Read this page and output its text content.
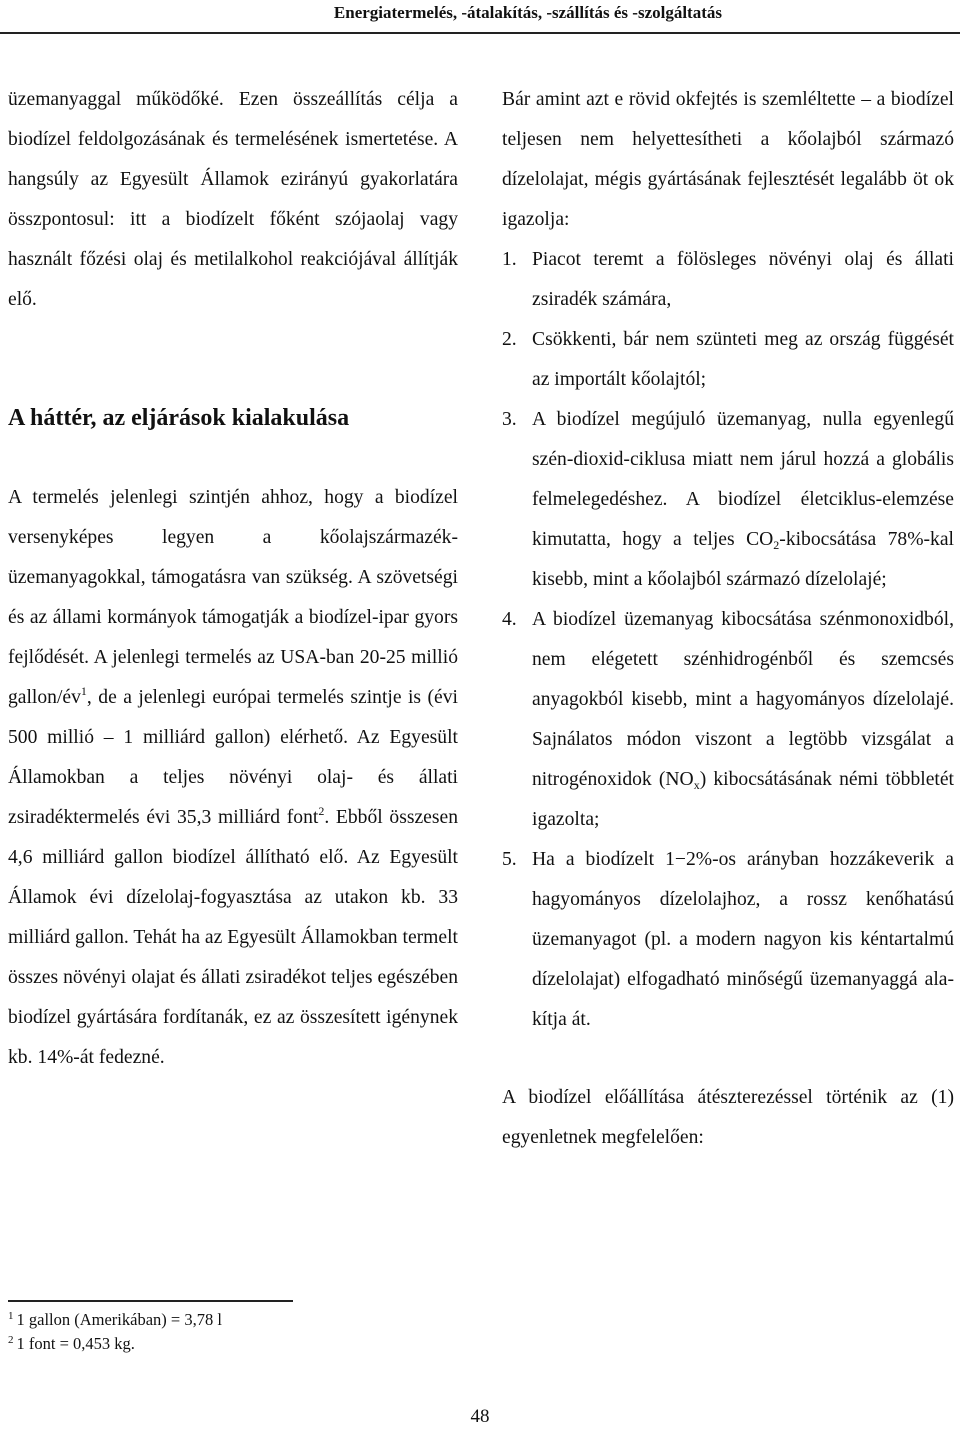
Energiatermelés, -átalakítás, -szállítás és -szolgáltatás

üzemanyaggal működőké. Ezen összeállítás célja a biodízel feldolgozásának és termelésének ismertetése. A hangsúly az Egyesült Államok ezirányú gyakorlatára összpontosul: itt a biodízelt főként szójaolaj vagy használt főzési olaj és metilalkohol reakciójával állítják elő.

A háttér, az eljárások kialakulása

A termelés jelenlegi szintjén ahhoz, hogy a biodízel versenyképes legyen a kőolajszármazék-üzemanyagokkal, támogatásra van szükség. A szövetségi és az állami kormányok támogatják a biodízel-ipar gyors fejlődését. A jelenlegi termelés az USA-ban 20-25 millió gallon/$év^1$, de a jelenlegi európai termelés szintje is (évi 500 millió – 1 milliárd gallon) elérhető. Az Egyesült Államokban a teljes növényi olaj- és állati zsiradéktermelés évi 35,3 milliárd font$^2$. Ebből összesen 4,6 milliárd gallon biodízel állítható elő. Az Egyesült Államok évi dízelolaj-fogyasztása az utakon kb. 33 milliárd gallon. Tehát ha az Egyesült Államokban termelt összes növényi olajat és állati zsiradékot teljes egészében biodízel gyártására fordítanák, ez az összesített igénynek kb. 14%-át fedezné.

Bár amint azt e rövid okfejtés is szemléltette – a biodízel teljesen nem helyettesítheti a kőolajból származó dízelolajat, mégis gyártásának fejlesztését legalább öt ok igazolja:

1. Piacot teremt a fölösleges növényi olaj és állati zsiradék számára,
2. Csökkenti, bár nem szünteti meg az ország függését az importált kőolajtól;
3. A biodízel megújuló üzemanyag, nulla egyenlegű szén-dioxid-ciklusa miatt nem járul hozzá a globális felmelegedéshez. A biodízel életciklus-elemzése kimutatta, hogy a teljes $CO_2$-kibocsátása 78%-kal kisebb, mint a kőolajból származó dízelolajé;
4. A biodízel üzemanyag kibocsátása szénmonoxidból, nem elégetett szénhidrogénből és szemcsés anyagokból kisebb, mint a hagyományos dízelolajé. Sajnálatos módon viszont a legtöbb vizsgálat a nitrogénoxidok $(NO_x)$ kibocsátásának némi többletét igazolta;
5. Ha a biodízelt 1−2%-os arányban hozzákeverik a hagyományos dízelolajhoz, a rossz kenőhatású üzemanyagot (pl. a modern nagyon kis kéntartalmú dízelolajat) elfogadható minőségű üzemanyaggá alakítja át.

A biodízel előállítása átészterezéssel történik az (1) egyenletnek megfelelően:

$^1$ 1 gallon (Amerikában) = 3,78 l
$^2$ 1 font = 0,453 kg.
48
